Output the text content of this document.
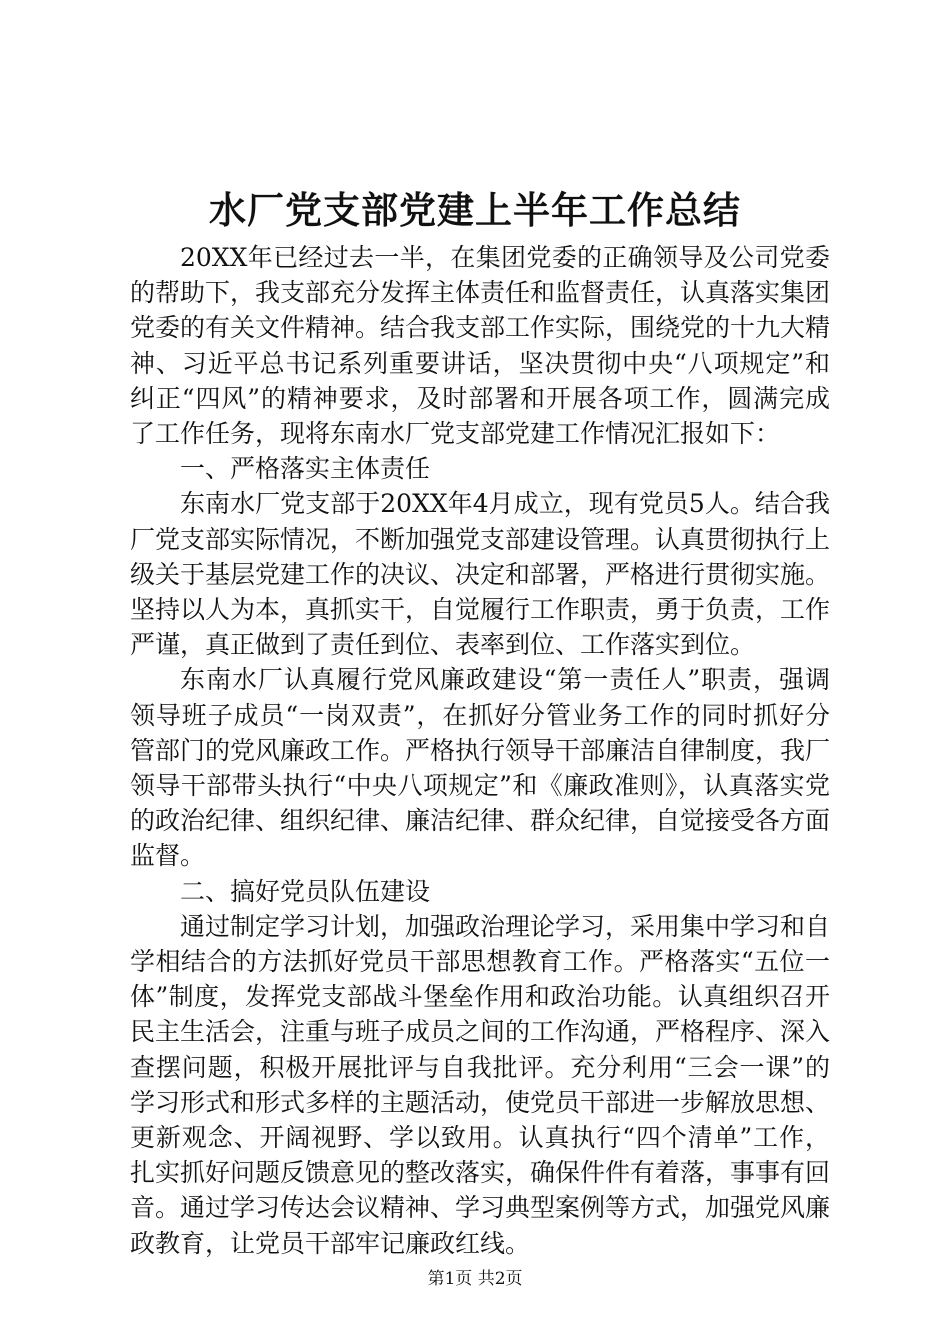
水厂党支部党建上半年工作总结

20XX年已经过去一半，在集团党委的正确领导及公司党委的帮助下，我支部充分发挥主体责任和监督责任，认真落实集团党委的有关文件精神。结合我支部工作实际，围绕党的十九大精神、习近平总书记系列重要讲话，坚决贯彻中央“八项规定”和纠正“四风”的精神要求，及时部署和开展各项工作，圆满完成了工作任务，现将东南水厂党支部党建工作情况汇报如下：

一、严格落实主体责任

东南水厂党支部于20XX年4月成立，现有党员5人。结合我厂党支部实际情况，不断加强党支部建设管理。认真贯彻执行上级关于基层党建工作的决议、决定和部署，严格进行贯彻实施。坚持以人为本，真抓实干，自觉履行工作职责，勇于负责，工作严谨，真正做到了责任到位、表率到位、工作落实到位。

东南水厂认真履行党风廉政建设“第一责任人”职责，强调领导班子成员“一岗双责”，在抓好分管业务工作的同时抓好分管部门的党风廉政工作。严格执行领导干部廉洁自律制度，我厂领导干部带头执行“中央八项规定”和《廉政准则》，认真落实党的政治纪律、组织纪律、廉洁纪律、群众纪律，自觉接受各方面监督。

二、搞好党员队伍建设

通过制定学习计划，加强政治理论学习，采用集中学习和自学相结合的方法抓好党员干部思想教育工作。严格落实“五位一体”制度，发挥党支部战斗堡垒作用和政治功能。认真组织召开民主生活会，注重与班子成员之间的工作沟通，严格程序、深入查摆问题，积极开展批评与自我批评。充分利用“三会一课”的学习形式和形式多样的主题活动，使党员干部进一步解放思想、更新观念、开阔视野、学以致用。认真执行“四个清单”工作，扎实抓好问题反馈意见的整改落实，确保件件有着落，事事有回音。通过学习传达会议精神、学习典型案例等方式，加强党风廉政教育，让党员干部牢记廉政红线。

第1页 共2页
